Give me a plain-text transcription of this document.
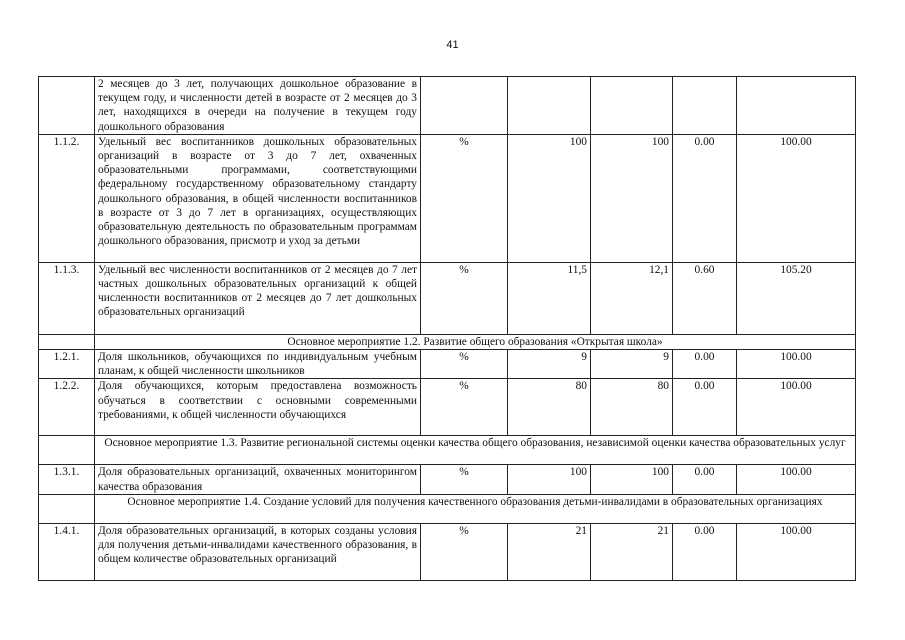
41
	2 месяцев до 3 лет, получающих дошкольное образование в текущем году, и численности детей в возрасте от 2 месяцев до 3 лет, находящихся в очереди на получение в текущем году дошкольного образования					
1.1.2.	Удельный вес воспитанников дошкольных образовательных организаций в возрасте от 3 до 7 лет, охваченных образовательными программами, соответствующими федеральному государственному образовательному стандарту дошкольного образования, в общей численности воспитанников в возрасте от 3 до 7 лет в организациях, осуществляющих образовательную деятельность по образовательным программам дошкольного образования, присмотр и уход за детьми	%	100	100	0.00	100.00
1.1.3.	Удельный вес численности воспитанников от 2 месяцев до 7 лет частных дошкольных образовательных организаций к общей численности воспитанников от 2 месяцев до 7 лет дошкольных образовательных организаций	%	11,5	12,1	0.60	105.20
	Основное мероприятие 1.2. Развитие общего образования «Открытая школа»					
1.2.1.	Доля школьников, обучающихся по индивидуальным учебным планам, к общей численности школьников	%	9	9	0.00	100.00
1.2.2.	Доля обучающихся, которым предоставлена возможность обучаться в соответствии с основными современными требованиями, к общей численности обучающихся	%	80	80	0.00	100.00
	Основное мероприятие 1.3. Развитие региональной системы оценки качества общего образования, независимой оценки качества образовательных услуг					
1.3.1.	Доля образовательных организаций, охваченных мониторингом качества образования	%	100	100	0.00	100.00
	Основное мероприятие 1.4. Создание условий для получения качественного образования детьми-инвалидами в образовательных организациях					
1.4.1.	Доля образовательных организаций, в которых созданы условия для получения детьми-инвалидами качественного образования, в общем количестве образовательных организаций	%	21	21	0.00	100.00
